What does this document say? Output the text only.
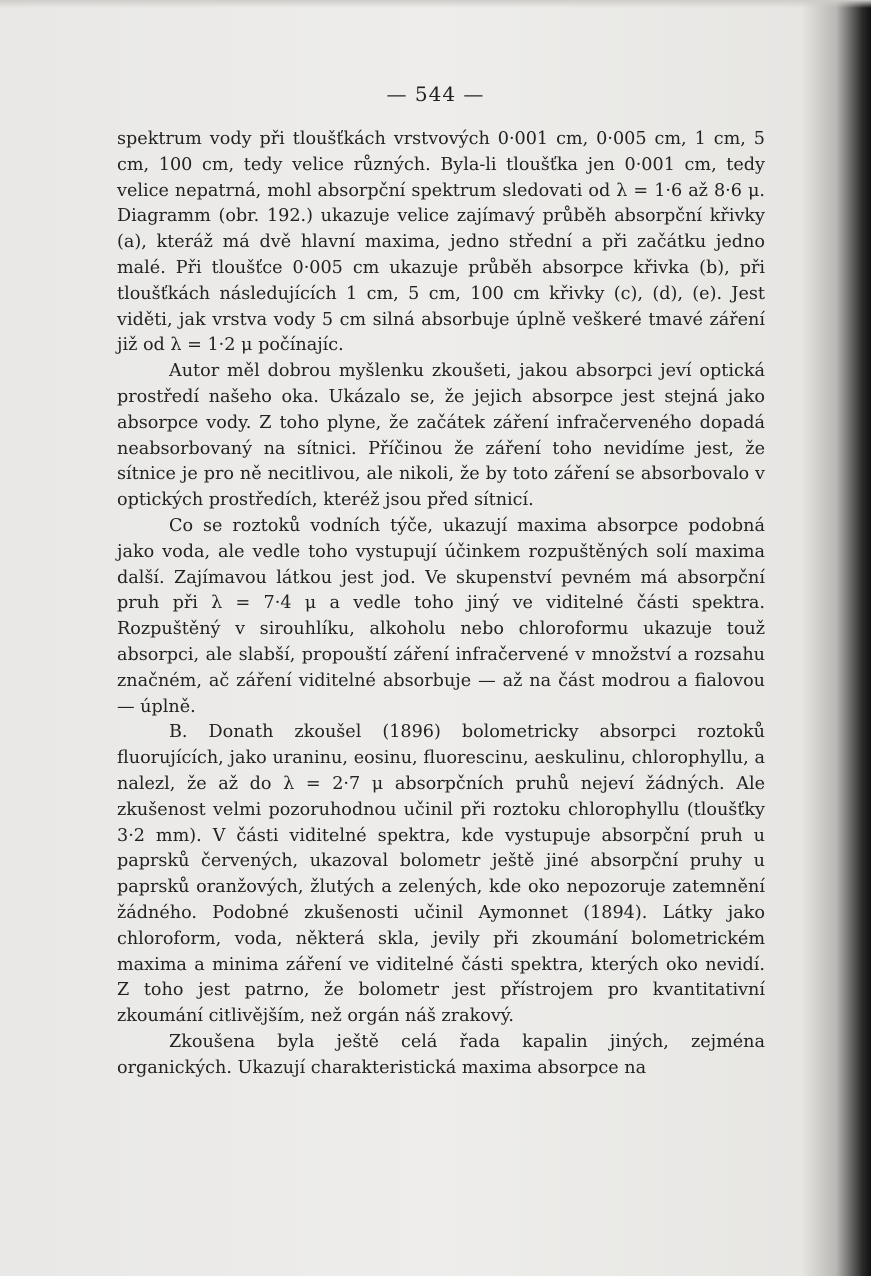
— 544 —

spektrum vody při tloušťkách vrstvových 0·001 cm, 0·005 cm, 1 cm, 5 cm, 100 cm, tedy velice různých. Byla-li tloušťka jen 0·001 cm, tedy velice nepatrná, mohl absorpční spektrum sledovati od λ = 1·6 až 8·6 μ. Diagramm (obr. 192.) ukazuje velice zajímavý průběh absorpční křivky (a), kteráž má dvě hlavní maxima, jedno střední a při začátku jedno malé. Při tloušťce 0·005 cm ukazuje průběh absorpce křivka (b), při tloušťkách následujících 1 cm, 5 cm, 100 cm křivky (c), (d), (e). Jest viděti, jak vrstva vody 5 cm silná absorbuje úplně veškeré tmavé záření již od λ = 1·2 μ počínajíc.

Autor měl dobrou myšlenku zkoušeti, jakou absorpci jeví optická prostředí našeho oka. Ukázalo se, že jejich absorpce jest stejná jako absorpce vody. Z toho plyne, že začátek záření infračerveného dopadá neabsorbovaný na sítnici. Příčinou že záření toho nevidíme jest, že sítnice je pro ně necitlivou, ale nikoli, že by toto záření se absorbovalo v optických prostředích, kteréž jsou před sítnicí.

Co se roztoků vodních týče, ukazují maxima absorpce podobná jako voda, ale vedle toho vystupují účinkem rozpuštěných solí maxima další. Zajímavou látkou jest jod. Ve skupenství pevném má absorpční pruh při λ = 7·4 μ a vedle toho jiný ve viditelné části spektra. Rozpuštěný v sirouhlíku, alkoholu nebo chloroformu ukazuje touž absorpci, ale slabší, propouští záření infračervené v množství a rozsahu značném, ač záření viditelné absorbuje — až na část modrou a fialovou — úplně.

B. Donath zkoušel (1896) bolometricky absorpci roztoků fluorujících, jako uraninu, eosinu, fluorescinu, aeskulinu, chlorophyllu, a nalezl, že až do λ = 2·7 μ absorpčních pruhů nejeví žádných. Ale zkušenost velmi pozoruhodnou učinil při roztoku chlorophyllu (tloušťky 3·2 mm). V části viditelné spektra, kde vystupuje absorpční pruh u paprsků červených, ukazoval bolometr ještě jiné absorpční pruhy u paprsků oranžových, žlutých a zelených, kde oko nepozoruje zatemnění žádného. Podobné zkušenosti učinil Aymonnet (1894). Látky jako chloroform, voda, některá skla, jevily při zkoumání bolometrickém maxima a minima záření ve viditelné části spektra, kterých oko nevidí. Z toho jest patrno, že bolometr jest přístrojem pro kvantitativní zkoumání citlivějším, než orgán náš zrakový.

Zkoušena byla ještě celá řada kapalin jiných, zejména organických. Ukazují charakteristická maxima absorpce na
